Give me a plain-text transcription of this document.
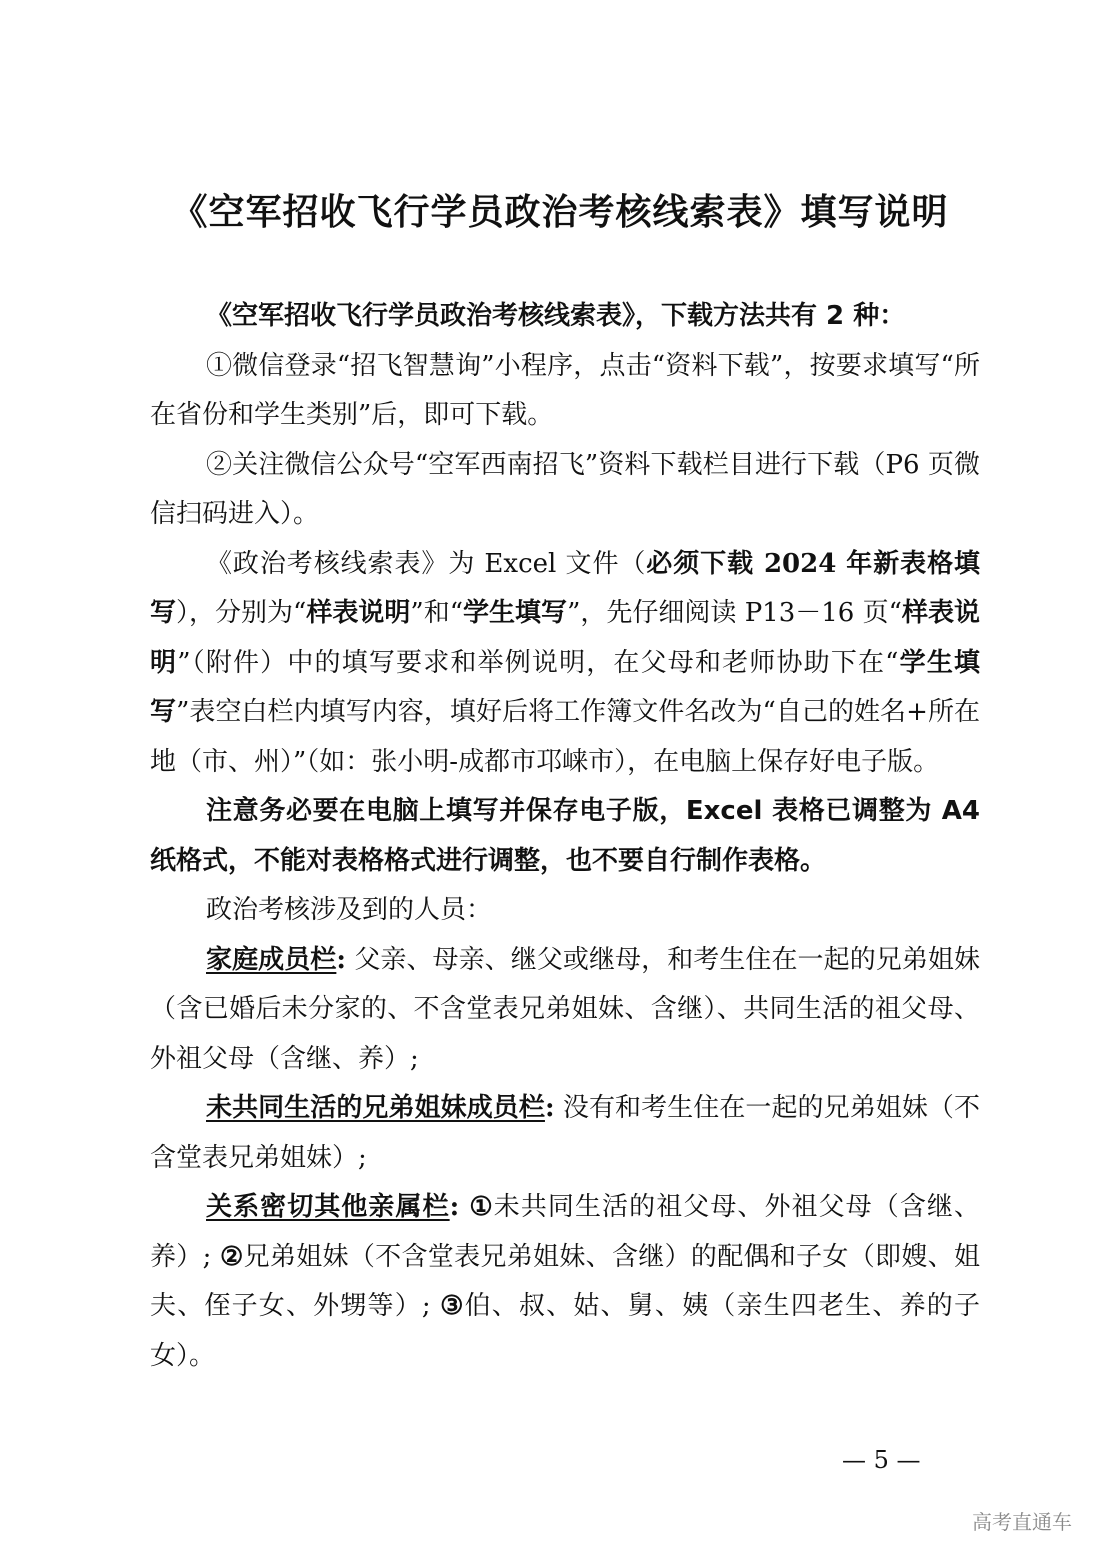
《空军招收飞行学员政治考核线索表》填写说明

《空军招收飞行学员政治考核线索表》，下载方法共有 2 种：

①微信登录“招飞智慧询”小程序，点击“资料下载”，按要求填写“所在省份和学生类别”后，即可下载。

②关注微信公众号“空军西南招飞”资料下载栏目进行下载（P6 页微信扫码进入）。

《政治考核线索表》为 Excel 文件（必须下载 2024 年新表格填写），分别为“样表说明”和“学生填写”，先仔细阅读 P13－16 页“样表说明”（附件）中的填写要求和举例说明，在父母和老师协助下在“学生填写”表空白栏内填写内容，填好后将工作簿文件名改为“自己的姓名+所在地（市、州）”（如：张小明-成都市邛崃市），在电脑上保存好电子版。

注意务必要在电脑上填写并保存电子版，Excel 表格已调整为 A4 纸格式，不能对表格格式进行调整，也不要自行制作表格。

政治考核涉及到的人员：

家庭成员栏: 父亲、母亲、继父或继母，和考生住在一起的兄弟姐妹（含已婚后未分家的、不含堂表兄弟姐妹、含继）、共同生活的祖父母、外祖父母（含继、养）;

未共同生活的兄弟姐妹成员栏: 没有和考生住在一起的兄弟姐妹（不含堂表兄弟姐妹）;

关系密切其他亲属栏: ①未共同生活的祖父母、外祖父母（含继、养）; ②兄弟姐妹（不含堂表兄弟姐妹、含继）的配偶和子女（即嫂、姐夫、侄子女、外甥等）; ③伯、叔、姑、舅、姨（亲生四老生、养的子女）。

— 5 —
高考直通车
